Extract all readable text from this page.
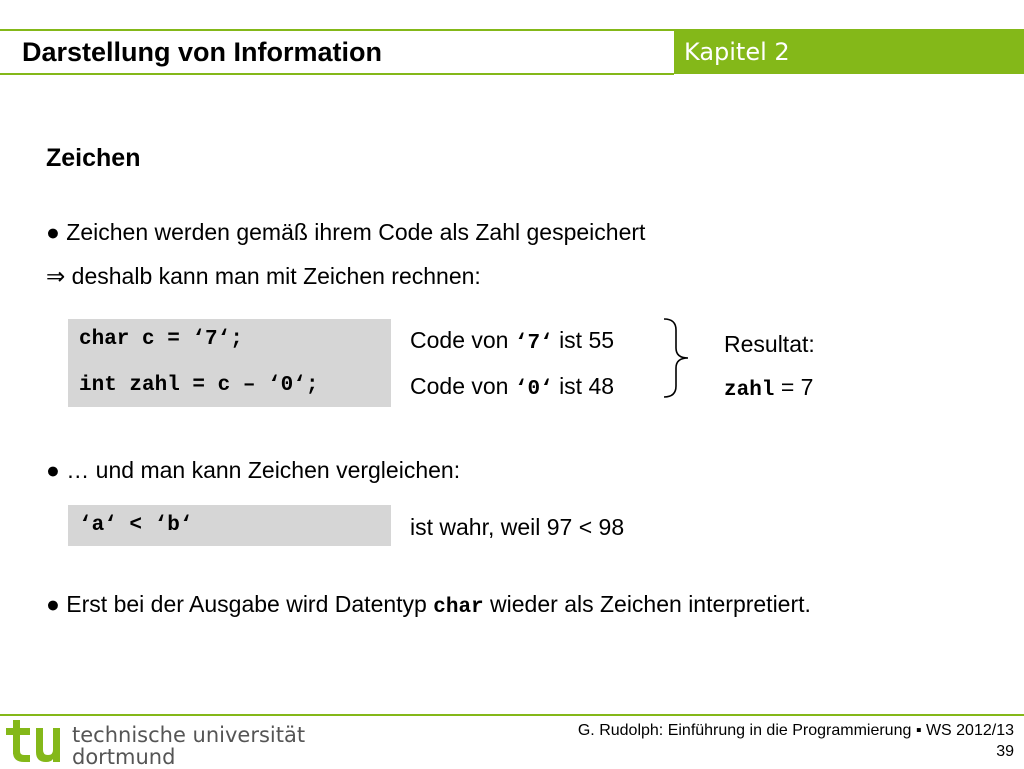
Darstellung von Information	Kapitel 2
Zeichen
● Zeichen werden gemäß ihrem Code als Zahl gespeichert
⇒ deshalb kann man mit Zeichen rechnen:
char c = ‘7‘;
int zahl = c – ‘0‘;
Code von ‘7‘ ist 55
Code von ‘0‘ ist 48
Resultat:
zahl = 7
● … und man kann Zeichen vergleichen:
‘a‘ < ‘b‘	ist wahr, weil 97 < 98
● Erst bei der Ausgabe wird Datentyp char wieder als Zeichen interpretiert.
technische universität
dortmund
G. Rudolph: Einführung in die Programmierung ▪ WS 2012/13
39
